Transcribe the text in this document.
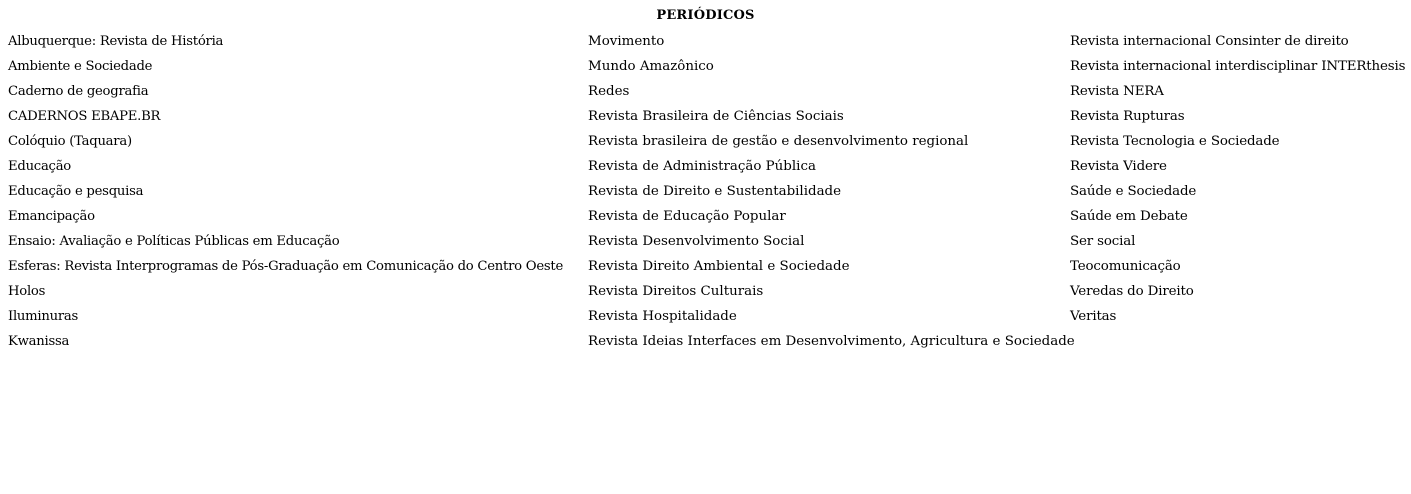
PERIÓDICOS
Albuquerque: Revista de História
Ambiente e Sociedade
Caderno de geografia
CADERNOS EBAPE.BR
Colóquio (Taquara)
Educação
Educação e pesquisa
Emancipação
Ensaio: Avaliação e Políticas Públicas em Educação
Esferas: Revista Interprogramas de Pós-Graduação em Comunicação do Centro Oeste
Holos
Iluminuras
Kwanissa
Movimento
Mundo Amazônico
Redes
Revista Brasileira de Ciências Sociais
Revista brasileira de gestão e desenvolvimento regional
Revista de Administração Pública
Revista de Direito e Sustentabilidade
Revista de Educação Popular
Revista Desenvolvimento Social
Revista Direito Ambiental e Sociedade
Revista Direitos Culturais
Revista Hospitalidade
Revista Ideias Interfaces em Desenvolvimento, Agricultura e Sociedade
Revista internacional Consinter de direito
Revista internacional interdisciplinar INTERthesis
Revista NERA
Revista Rupturas
Revista Tecnologia e Sociedade
Revista Videre
Saúde e Sociedade
Saúde em Debate
Ser social
Teocomunicação
Veredas do Direito
Veritas
